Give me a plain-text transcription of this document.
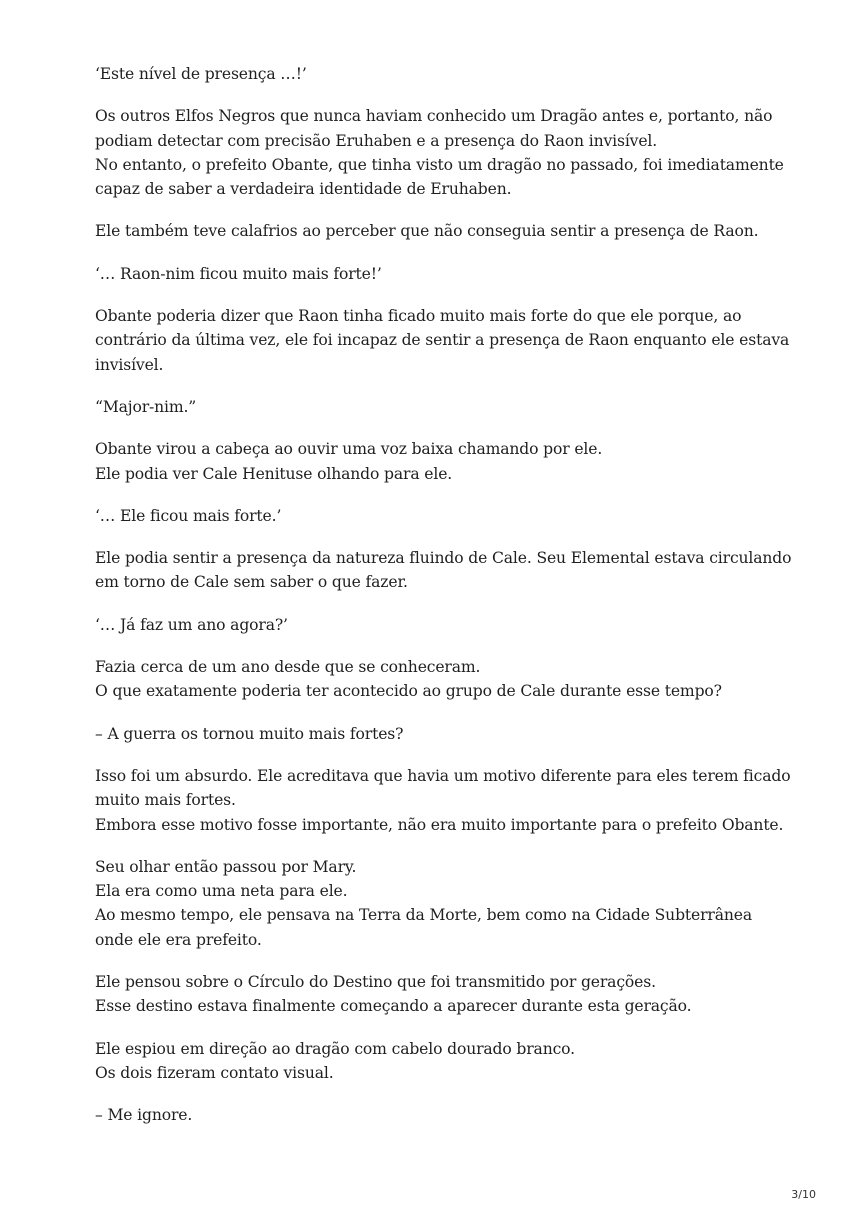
‘Este nível de presença …!’

Os outros Elfos Negros que nunca haviam conhecido um Dragão antes e, portanto, não
podiam detectar com precisão Eruhaben e a presença do Raon invisível.
No entanto, o prefeito Obante, que tinha visto um dragão no passado, foi imediatamente
capaz de saber a verdadeira identidade de Eruhaben.

Ele também teve calafrios ao perceber que não conseguia sentir a presença de Raon.

‘… Raon-nim ficou muito mais forte!’

Obante poderia dizer que Raon tinha ficado muito mais forte do que ele porque, ao
contrário da última vez, ele foi incapaz de sentir a presença de Raon enquanto ele estava
invisível.

“Major-nim.”

Obante virou a cabeça ao ouvir uma voz baixa chamando por ele.
Ele podia ver Cale Henituse olhando para ele.

‘… Ele ficou mais forte.’

Ele podia sentir a presença da natureza fluindo de Cale. Seu Elemental estava circulando
em torno de Cale sem saber o que fazer.

‘… Já faz um ano agora?’

Fazia cerca de um ano desde que se conheceram.
O que exatamente poderia ter acontecido ao grupo de Cale durante esse tempo?

– A guerra os tornou muito mais fortes?

Isso foi um absurdo. Ele acreditava que havia um motivo diferente para eles terem ficado
muito mais fortes.
Embora esse motivo fosse importante, não era muito importante para o prefeito Obante.

Seu olhar então passou por Mary.
Ela era como uma neta para ele.
Ao mesmo tempo, ele pensava na Terra da Morte, bem como na Cidade Subterrânea
onde ele era prefeito.

Ele pensou sobre o Círculo do Destino que foi transmitido por gerações.
Esse destino estava finalmente começando a aparecer durante esta geração.

Ele espiou em direção ao dragão com cabelo dourado branco.
Os dois fizeram contato visual.

– Me ignore.

3/10
